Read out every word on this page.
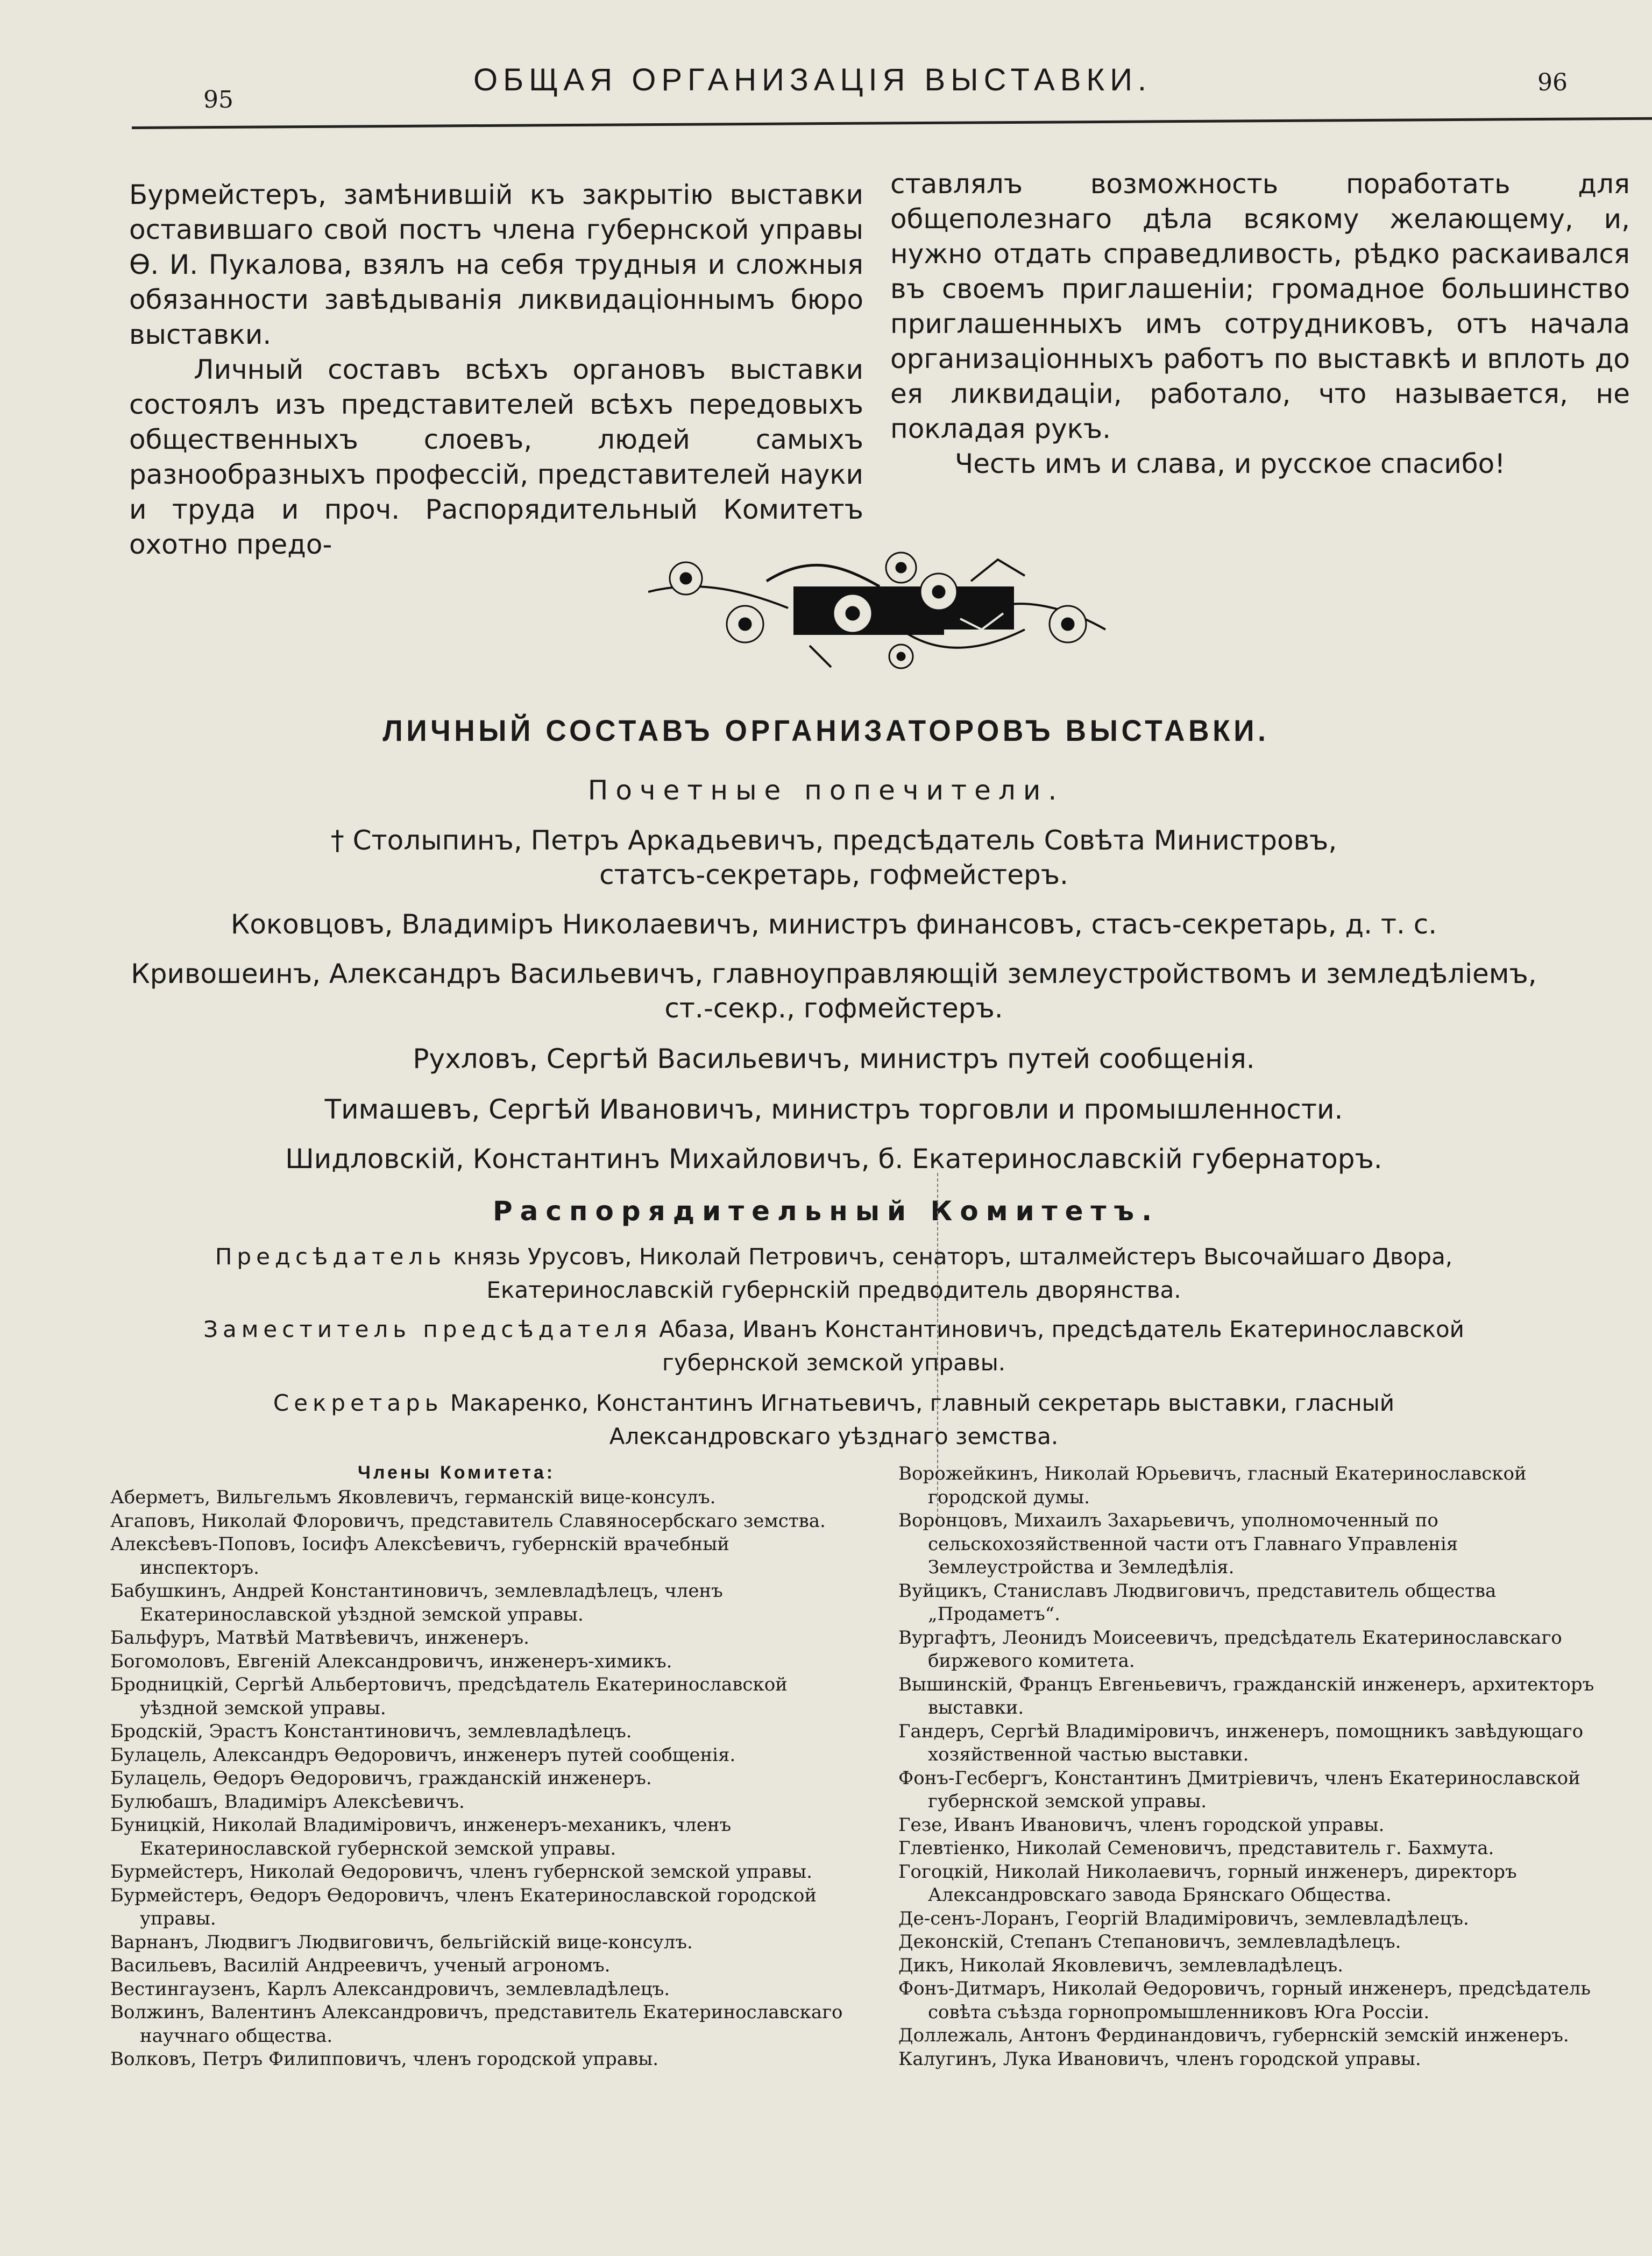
95
ОБЩАЯ ОРГАНИЗАЦІЯ ВЫСТАВКИ.	96

Бурмейстеръ, замѣнившій къ закрытію выставки оставившаго свой постъ члена губернской управы Ѳ. И. Пукалова, взялъ на себя трудныя и сложныя обязанности завѣдыванія ликвидаціоннымъ бюро выставки.

Личный составъ всѣхъ органовъ выставки состоялъ изъ представителей всѣхъ передовыхъ общественныхъ слоевъ, людей самыхъ разнообразныхъ профессій, представителей науки и труда и проч. Распорядительный Комитетъ охотно предо-

ставлялъ возможность поработать для общеполезнаго дѣла всякому желающему, и, нужно отдать справедливость, рѣдко раскаивался въ своемъ приглашеніи; громадное большинство приглашенныхъ имъ сотрудниковъ, отъ начала организаціонныхъ работъ по выставкѣ и вплоть до ея ликвидаціи, работало, что называется, не покладая рукъ.

Честь имъ и слава, и русское спасибо!

ЛИЧНЫЙ СОСТАВЪ ОРГАНИЗАТОРОВЪ ВЫСТАВКИ.
Почетные попечители.
† Столыпинъ, Петръ Аркадьевичъ, предсѣдатель Совѣта Министровъ,
статсъ-секретарь, гофмейстеръ.
Коковцовъ, Владиміръ Николаевичъ, министръ финансовъ, стасъ-секретарь, д. т. с.
Кривошеинъ, Александръ Васильевичъ, главноуправляющій землеустройствомъ и земледѣліемъ,
ст.-секр., гофмейстеръ.
Рухловъ, Сергѣй Васильевичъ, министръ путей сообщенія.
Тимашевъ, Сергѣй Ивановичъ, министръ торговли и промышленности.
Шидловскій, Константинъ Михайловичъ, б. Екатеринославскій губернаторъ.
Распорядительный Комитетъ.
Предсѣдатель князь Урусовъ, Николай Петровичъ, сенаторъ, шталмейстеръ Высочайшаго Двора,
Екатеринославскій губернскій предводитель дворянства.
Заместитель предсѣдателя Абаза, Иванъ Константиновичъ, предсѣдатель Екатеринославской
губернской земской управы.
Секретарь Макаренко, Константинъ Игнатьевичъ, главный секретарь выставки, гласный
Александровскаго уѣзднаго земства.
Члены Комитета:
Аберметъ, Вильгельмъ Яковлевичъ, германскій вице-консулъ.
Агаповъ, Николай Флоровичъ, представитель Славяносербскаго земства.
Алексѣевъ-Поповъ, Іосифъ Алексѣевичъ, губернскій врачебный инспекторъ.
Бабушкинъ, Андрей Константиновичъ, землевладѣлецъ, членъ Екатеринославской уѣздной земской управы.
Бальфуръ, Матвѣй Матвѣевичъ, инженеръ.
Богомоловъ, Евгеній Александровичъ, инженеръ-химикъ.
Бродницкій, Сергѣй Альбертовичъ, предсѣдатель Екатеринославской уѣздной земской управы.
Бродскій, Эрастъ Константиновичъ, землевладѣлецъ.
Булацель, Александръ Ѳедоровичъ, инженеръ путей сообщенія.
Булацель, Ѳедоръ Ѳедоровичъ, гражданскій инженеръ.
Булюбашъ, Владиміръ Алексѣевичъ.
Буницкій, Николай Владиміровичъ, инженеръ-механикъ, членъ Екатеринославской губернской земской управы.
Бурмейстеръ, Николай Ѳедоровичъ, членъ губернской земской управы.
Бурмейстеръ, Ѳедоръ Ѳедоровичъ, членъ Екатеринославской городской управы.
Варнанъ, Людвигъ Людвиговичъ, бельгійскій вице-консулъ.
Васильевъ, Василій Андреевичъ, ученый агрономъ.
Вестингаузенъ, Карлъ Александровичъ, землевладѣлецъ.
Волжинъ, Валентинъ Александровичъ, представитель Екатеринославскаго научнаго общества.
Волковъ, Петръ Филипповичъ, членъ городской управы.
Ворожейкинъ, Николай Юрьевичъ, гласный Екатеринославской городской думы.
Воронцовъ, Михаилъ Захарьевичъ, уполномоченный по сельскохозяйственной части отъ Главнаго Управленія Землеустройства и Земледѣлія.
Вуйцикъ, Станиславъ Людвиговичъ, представитель общества „Продаметъ“.
Вургафтъ, Леонидъ Моисеевичъ, предсѣдатель Екатеринославскаго биржевого комитета.
Вышинскій, Францъ Евгеньевичъ, гражданскій инженеръ, архитекторъ выставки.
Гандеръ, Сергѣй Владиміровичъ, инженеръ, помощникъ завѣдующаго хозяйственной частью выставки.
Фонъ-Гесбергъ, Константинъ Дмитріевичъ, членъ Екатеринославской губернской земской управы.
Гезе, Иванъ Ивановичъ, членъ городской управы.
Глевтіенко, Николай Семеновичъ, представитель г. Бахмута.
Гогоцкій, Николай Николаевичъ, горный инженеръ, директоръ Александровскаго завода Брянскаго Общества.
Де-сенъ-Лоранъ, Георгій Владиміровичъ, землевладѣлецъ.
Деконскій, Степанъ Степановичъ, землевладѣлецъ.
Дикъ, Николай Яковлевичъ, землевладѣлецъ.
Фонъ-Дитмаръ, Николай Ѳедоровичъ, горный инженеръ, предсѣдатель совѣта съѣзда горнопромышленниковъ Юга Россіи.
Доллежаль, Антонъ Фердинандовичъ, губернскій земскій инженеръ.
Калугинъ, Лука Ивановичъ, членъ городской управы.
